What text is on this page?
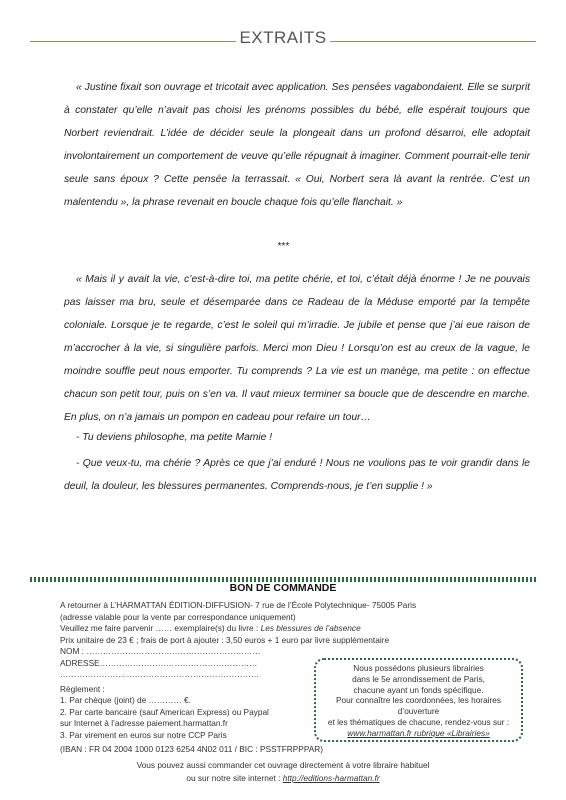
EXTRAITS

« Justine fixait son ouvrage et tricotait avec application. Ses pensées vagabondaient. Elle se surprit à constater qu’elle n’avait pas choisi les prénoms possibles du bébé, elle espérait toujours que Norbert reviendrait. L’idée de décider seule la plongeait dans un profond désarroi, elle adoptait involontairement un comportement de veuve qu’elle répugnait à imaginer. Comment pourrait-elle tenir seule sans époux ? Cette pensée la terrassait. « Oui, Norbert sera là avant la rentrée. C’est un malentendu », la phrase revenait en boucle chaque fois qu’elle flanchait. »

***

« Mais il y avait la vie, c’est-à-dire toi, ma petite chérie, et toi, c’était déjà énorme ! Je ne pouvais pas laisser ma bru, seule et désemparée dans ce Radeau de la Méduse emporté par la tempête coloniale. Lorsque je te regarde, c’est le soleil qui m’irradie. Je jubile et pense que j’ai eue raison de m’accrocher à la vie, si singulière parfois. Merci mon Dieu ! Lorsqu’on est au creux de la vague, le moindre souffle peut nous emporter. Tu comprends ? La vie est un manège, ma petite : on effectue chacun son petit tour, puis on s’en va. Il vaut mieux terminer sa boucle que de descendre en marche. En plus, on n’a jamais un pompon en cadeau pour refaire un tour…

- Tu deviens philosophe, ma petite Mamie !

- Que veux-tu, ma chérie ? Après ce que j’ai enduré ! Nous ne voulions pas te voir grandir dans le deuil, la douleur, les blessures permanentes. Comprends-nous, je t’en supplie ! »

BON DE COMMANDE
A retourner à L’HARMATTAN ÉDITION-DIFFUSION- 7 rue de l’École Polytechnique- 75005 Paris
(adresse valable pour la vente par correspondance uniquement)
Veuillez me faire parvenir …… exemplaire(s) du livre : Les blessures de l’absence
Prix unitaire de 23 € ; frais de port à ajouter : 3,50 euros + 1 euro par livre supplémentaire
NOM : ………………………………………………………
ADRESSE…………………………………………………
………………………………………………………………
Règlement :
1. Par chèque (joint) de ………… €.
2. Par carte bancaire (sauf American Express) ou Paypal
sur Internet à l’adresse paiement.harmattan.fr
3. Par virement en euros sur notre CCP Paris
(IBAN : FR 04 2004 1000 0123 6254 4N02 011 / BIC : PSSTFRPPPAR)
Nous possédons plusieurs librairies
dans le 5e arrondissement de Paris,
chacune ayant un fonds spécifique.
Pour connaître les coordonnées, les horaires d’ouverture
et les thématiques de chacune, rendez-vous sur :
www.harmattan.fr rubrique «Librairies»
Vous pouvez aussi commander cet ouvrage directement à votre libraire habituel
ou sur notre site internet : http://editions-harmattan.fr
